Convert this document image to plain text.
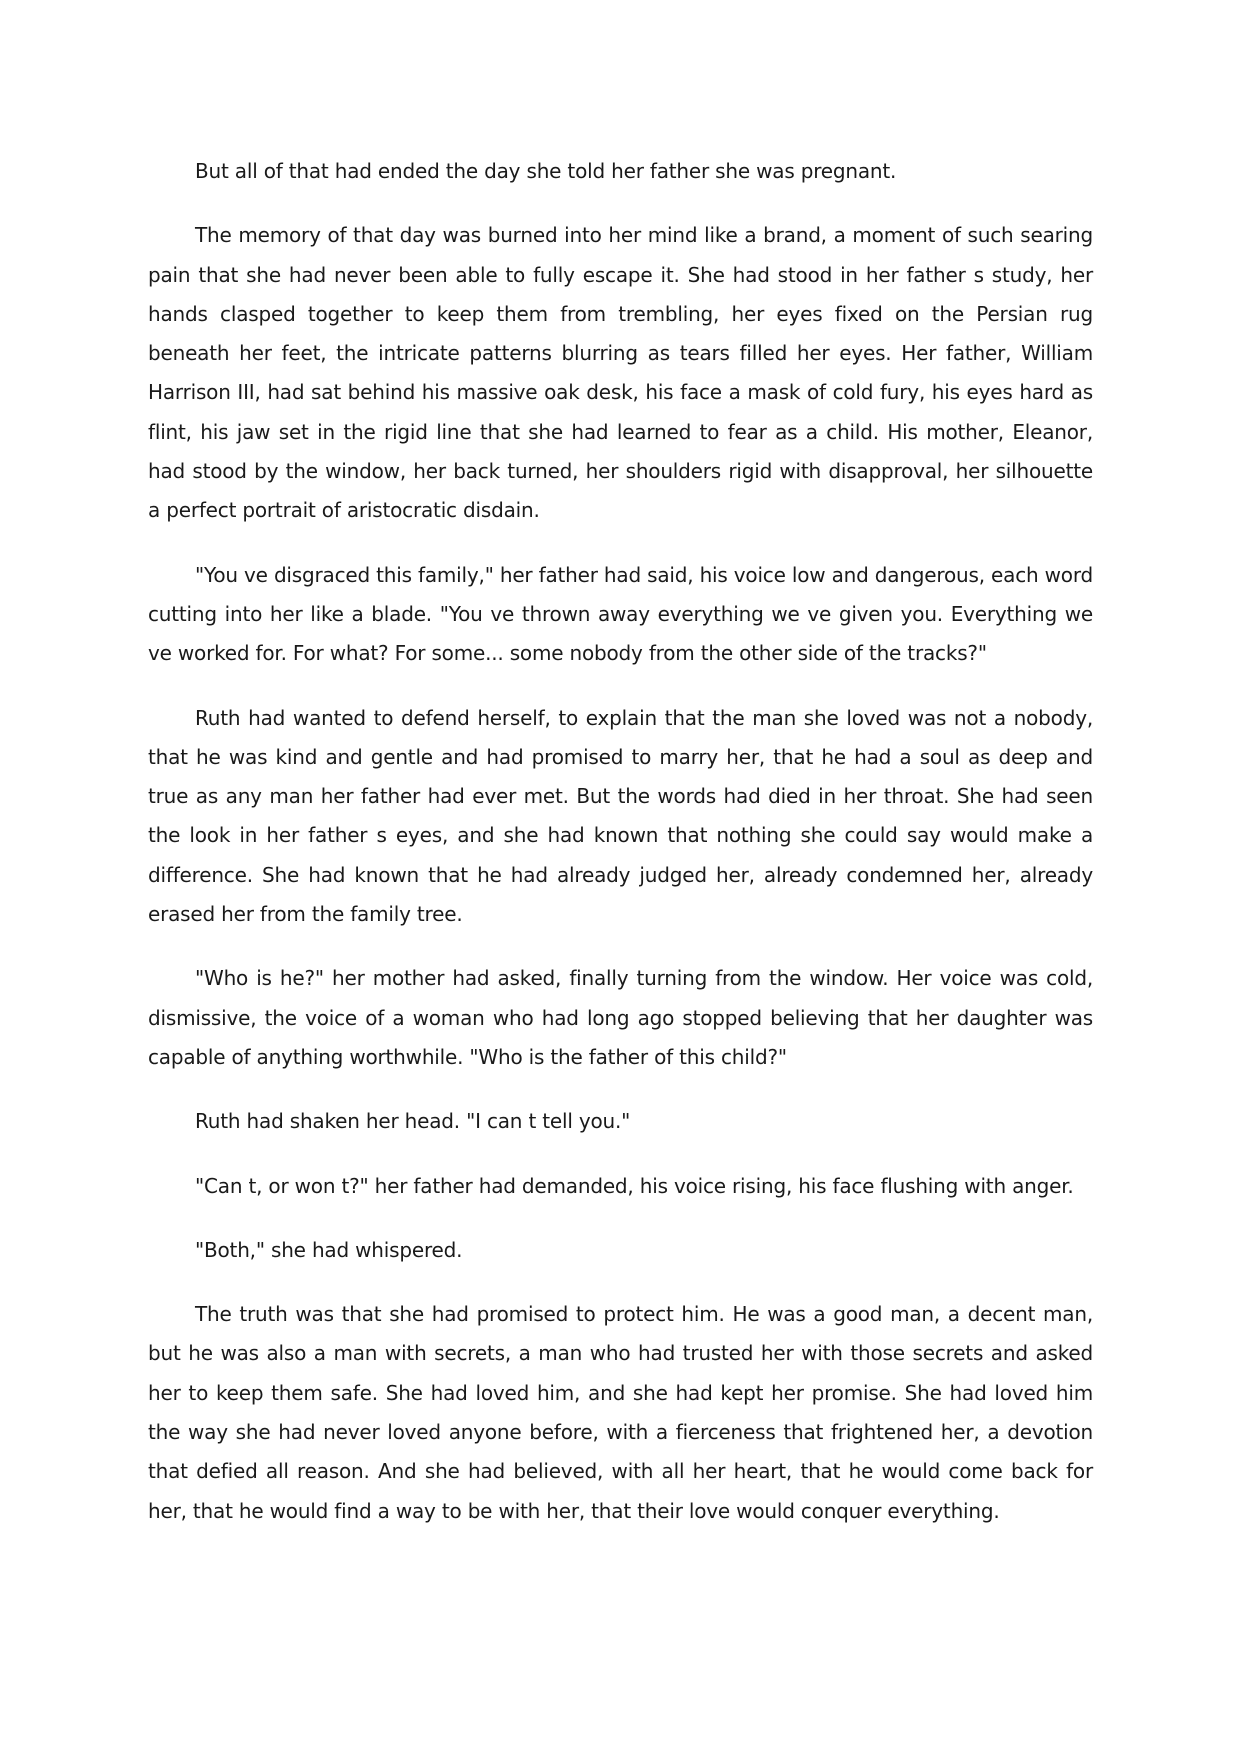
But all of that had ended the day she told her father she was pregnant.

The memory of that day was burned into her mind like a brand, a moment of such searing pain that she had never been able to fully escape it. She had stood in her father s study, her hands clasped together to keep them from trembling, her eyes fixed on the Persian rug beneath her feet, the intricate patterns blurring as tears filled her eyes. Her father, William Harrison III, had sat behind his massive oak desk, his face a mask of cold fury, his eyes hard as flint, his jaw set in the rigid line that she had learned to fear as a child. His mother, Eleanor, had stood by the window, her back turned, her shoulders rigid with disapproval, her silhouette a perfect portrait of aristocratic disdain.

"You ve disgraced this family," her father had said, his voice low and dangerous, each word cutting into her like a blade. "You ve thrown away everything we ve given you. Everything we ve worked for. For what? For some... some nobody from the other side of the tracks?"

Ruth had wanted to defend herself, to explain that the man she loved was not a nobody, that he was kind and gentle and had promised to marry her, that he had a soul as deep and true as any man her father had ever met. But the words had died in her throat. She had seen the look in her father s eyes, and she had known that nothing she could say would make a difference. She had known that he had already judged her, already condemned her, already erased her from the family tree.

"Who is he?" her mother had asked, finally turning from the window. Her voice was cold, dismissive, the voice of a woman who had long ago stopped believing that her daughter was capable of anything worthwhile. "Who is the father of this child?"

Ruth had shaken her head. "I can t tell you."

"Can t, or won t?" her father had demanded, his voice rising, his face flushing with anger.

"Both," she had whispered.

The truth was that she had promised to protect him. He was a good man, a decent man, but he was also a man with secrets, a man who had trusted her with those secrets and asked her to keep them safe. She had loved him, and she had kept her promise. She had loved him the way she had never loved anyone before, with a fierceness that frightened her, a devotion that defied all reason. And she had believed, with all her heart, that he would come back for her, that he would find a way to be with her, that their love would conquer everything.
